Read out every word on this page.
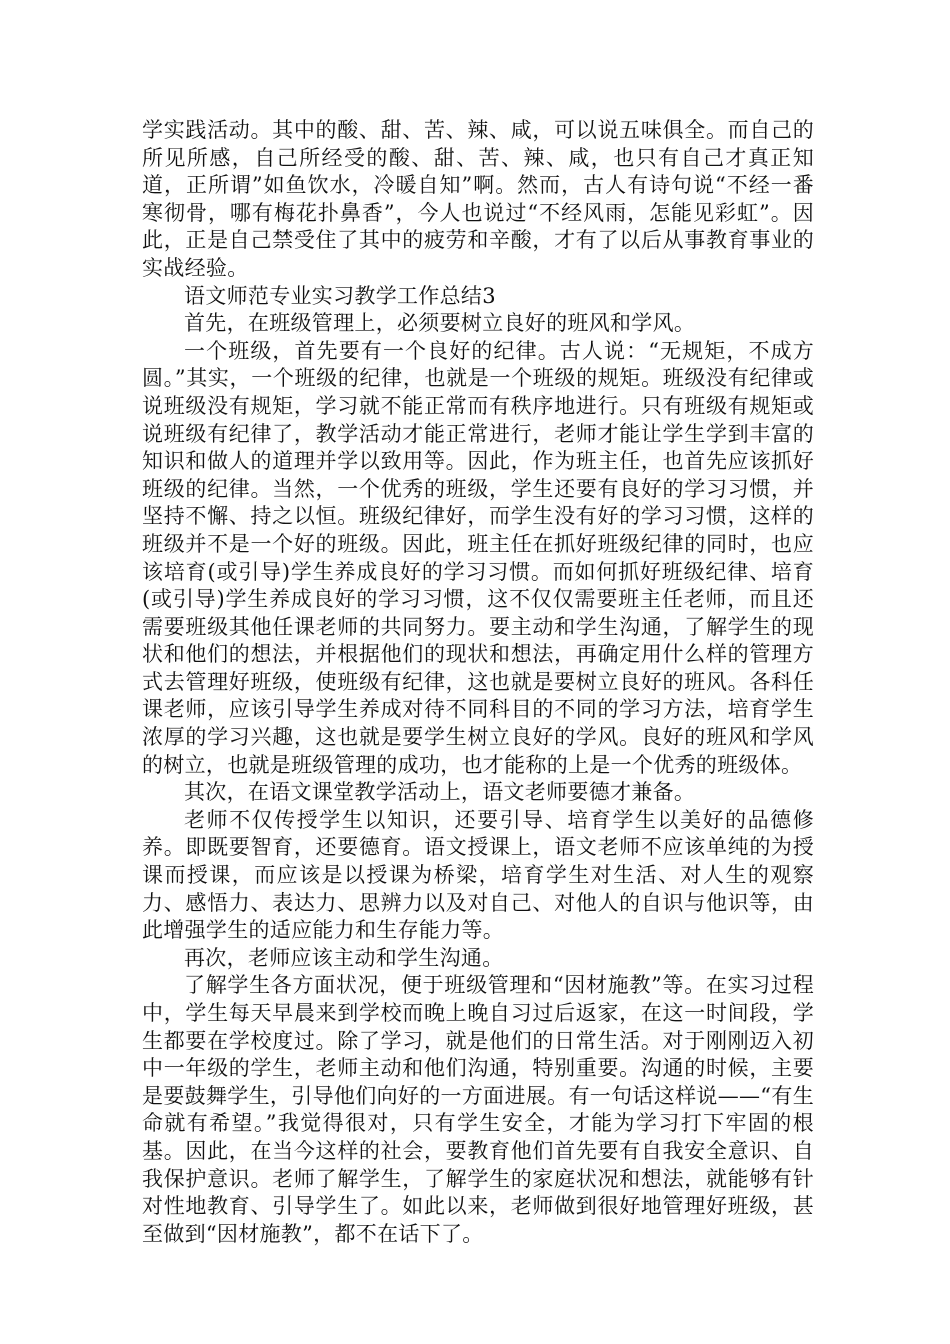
学实践活动。其中的酸、甜、苦、辣、咸，可以说五味俱全。而自己的所见所感，自己所经受的酸、甜、苦、辣、咸，也只有自己才真正知道，正所谓”如鱼饮水，冷暖自知”啊。然而，古人有诗句说“不经一番寒彻骨，哪有梅花扑鼻香”，今人也说过“不经风雨，怎能见彩虹”。因此，正是自己禁受住了其中的疲劳和辛酸，才有了以后从事教育事业的实战经验。

语文师范专业实习教学工作总结3

首先，在班级管理上，必须要树立良好的班风和学风。

一个班级，首先要有一个良好的纪律。古人说：“无规矩，不成方圆。”其实，一个班级的纪律，也就是一个班级的规矩。班级没有纪律或说班级没有规矩，学习就不能正常而有秩序地进行。只有班级有规矩或说班级有纪律了，教学活动才能正常进行，老师才能让学生学到丰富的知识和做人的道理并学以致用等。因此，作为班主任，也首先应该抓好班级的纪律。当然，一个优秀的班级，学生还要有良好的学习习惯，并坚持不懈、持之以恒。班级纪律好，而学生没有好的学习习惯，这样的班级并不是一个好的班级。因此，班主任在抓好班级纪律的同时，也应该培育(或引导)学生养成良好的学习习惯。而如何抓好班级纪律、培育(或引导)学生养成良好的学习习惯，这不仅仅需要班主任老师，而且还需要班级其他任课老师的共同努力。要主动和学生沟通，了解学生的现状和他们的想法，并根据他们的现状和想法，再确定用什么样的管理方式去管理好班级，使班级有纪律，这也就是要树立良好的班风。各科任课老师，应该引导学生养成对待不同科目的不同的学习方法，培育学生浓厚的学习兴趣，这也就是要学生树立良好的学风。良好的班风和学风的树立，也就是班级管理的成功，也才能称的上是一个优秀的班级体。

其次，在语文课堂教学活动上，语文老师要德才兼备。

老师不仅传授学生以知识，还要引导、培育学生以美好的品德修养。即既要智育，还要德育。语文授课上，语文老师不应该单纯的为授课而授课，而应该是以授课为桥梁，培育学生对生活、对人生的观察力、感悟力、表达力、思辨力以及对自己、对他人的自识与他识等，由此增强学生的适应能力和生存能力等。

再次，老师应该主动和学生沟通。

了解学生各方面状况，便于班级管理和“因材施教”等。在实习过程中，学生每天早晨来到学校而晚上晚自习过后返家，在这一时间段，学生都要在学校度过。除了学习，就是他们的日常生活。对于刚刚迈入初中一年级的学生，老师主动和他们沟通，特别重要。沟通的时候，主要是要鼓舞学生，引导他们向好的一方面进展。有一句话这样说——“有生命就有希望。”我觉得很对，只有学生安全，才能为学习打下牢固的根基。因此，在当今这样的社会，要教育他们首先要有自我安全意识、自我保护意识。老师了解学生，了解学生的家庭状况和想法，就能够有针对性地教育、引导学生了。如此以来，老师做到很好地管理好班级，甚至做到“因材施教”，都不在话下了。
